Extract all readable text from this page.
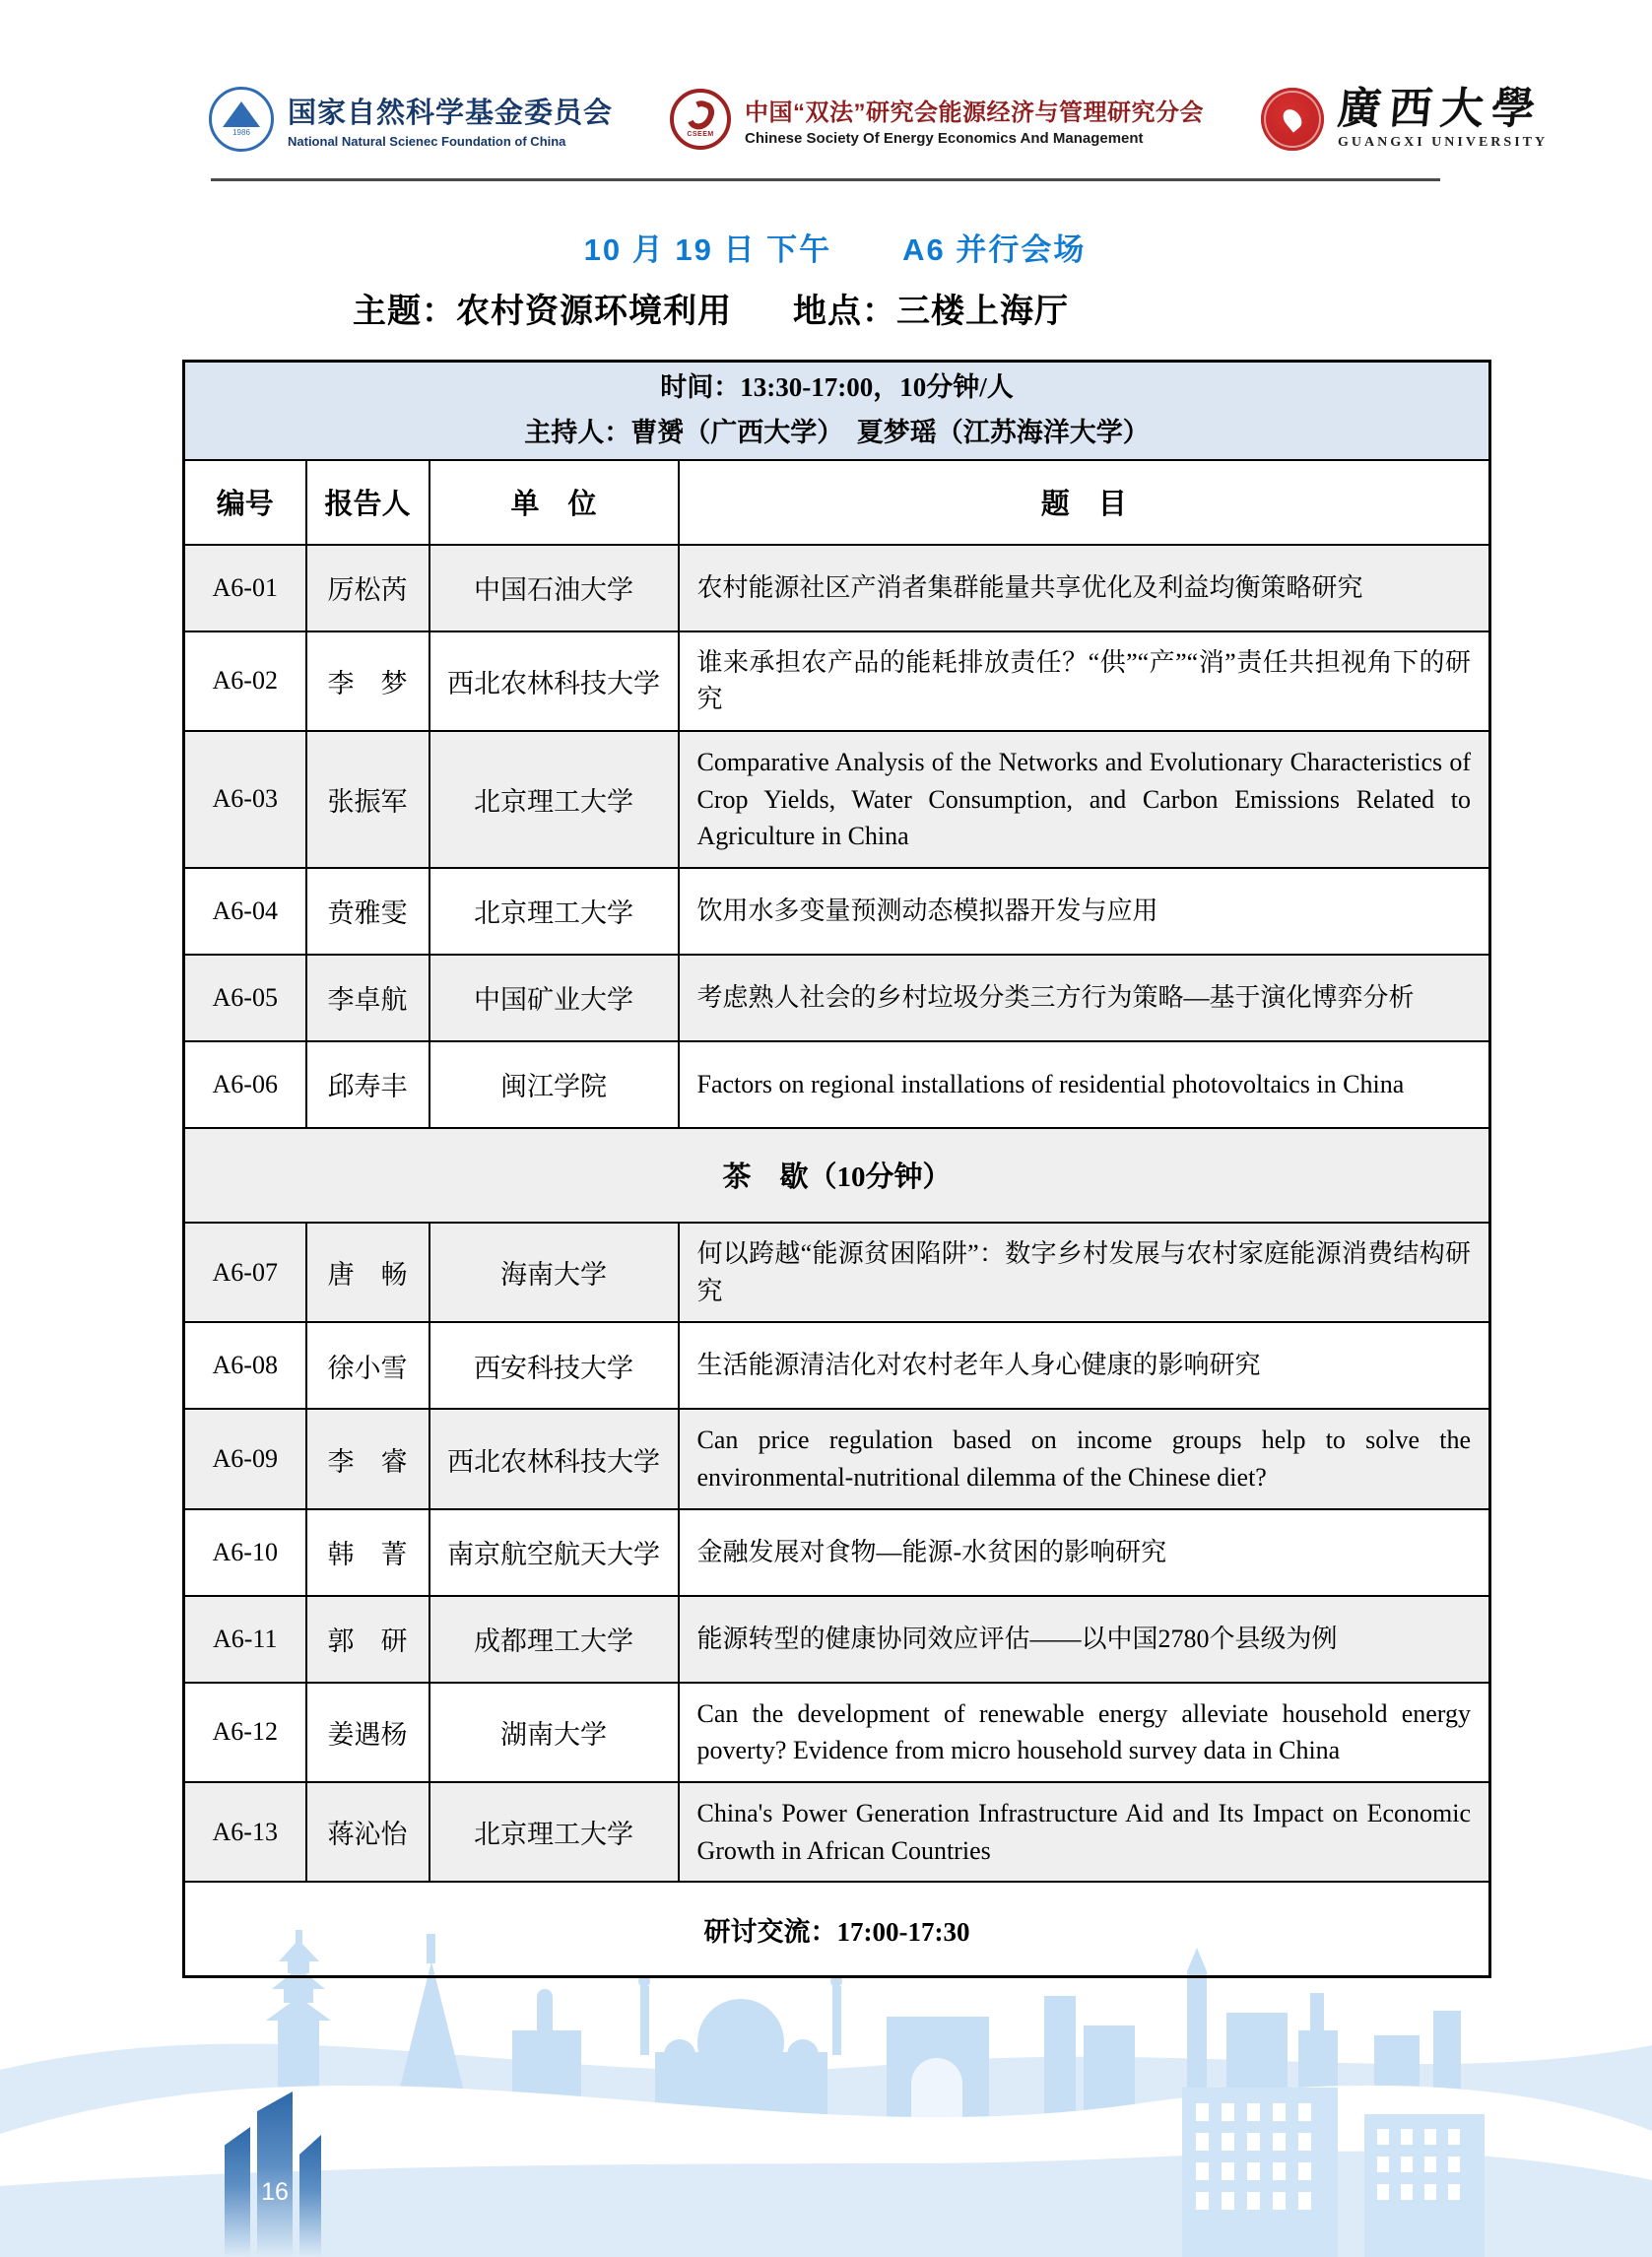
16
1986
国家自然科学基金委员会
National Natural Scienec Foundation of China	CSEEM
中国“双法”研究会能源经济与管理研究分会
Chinese Society Of Energy Economics And Management
廣西大學
GUANGXI UNIVERSITY
10 月 19 日 下午 A6 并行会场
主题：农村资源环境利用 地点：三楼上海厅
时间：13:30-17:00，10分钟/人
主持人：曹赟（广西大学）　夏梦瑶（江苏海洋大学）			

编号	报告人	单　位	题　目
A6-01	厉松芮	中国石油大学	农村能源社区产消者集群能量共享优化及利益均衡策略研究
A6-02	李　梦	西北农林科技大学	谁来承担农产品的能耗排放责任？“供”“产”“消”责任共担视角下的研究
A6-03	张振军	北京理工大学	Comparative Analysis of the Networks and Evolutionary Characteristics of Crop Yields, Water Consumption, and Carbon Emissions Related to Agriculture in China
A6-04	贲雅雯	北京理工大学	饮用水多变量预测动态模拟器开发与应用
A6-05	李卓航	中国矿业大学	考虑熟人社会的乡村垃圾分类三方行为策略—基于演化博弈分析
A6-06	邱寿丰	闽江学院	Factors on regional installations of residential photovoltaics in China
茶　歇（10分钟）			
A6-07	唐　畅	海南大学	何以跨越“能源贫困陷阱”：数字乡村发展与农村家庭能源消费结构研究
A6-08	徐小雪	西安科技大学	生活能源清洁化对农村老年人身心健康的影响研究
A6-09	李　睿	西北农林科技大学	Can price regulation based on income groups help to solve the environmental-nutritional dilemma of the Chinese diet?
A6-10	韩　菁	南京航空航天大学	金融发展对食物—能源-水贫困的影响研究
A6-11	郭　研	成都理工大学	能源转型的健康协同效应评估——以中国2780个县级为例
A6-12	姜遇杨	湖南大学	Can the development of renewable energy alleviate household energy poverty? Evidence from micro household survey data in China
A6-13	蒋沁怡	北京理工大学	China's Power Generation Infrastructure Aid and Its Impact on Economic Growth in African Countries
研讨交流：17:00-17:30			
